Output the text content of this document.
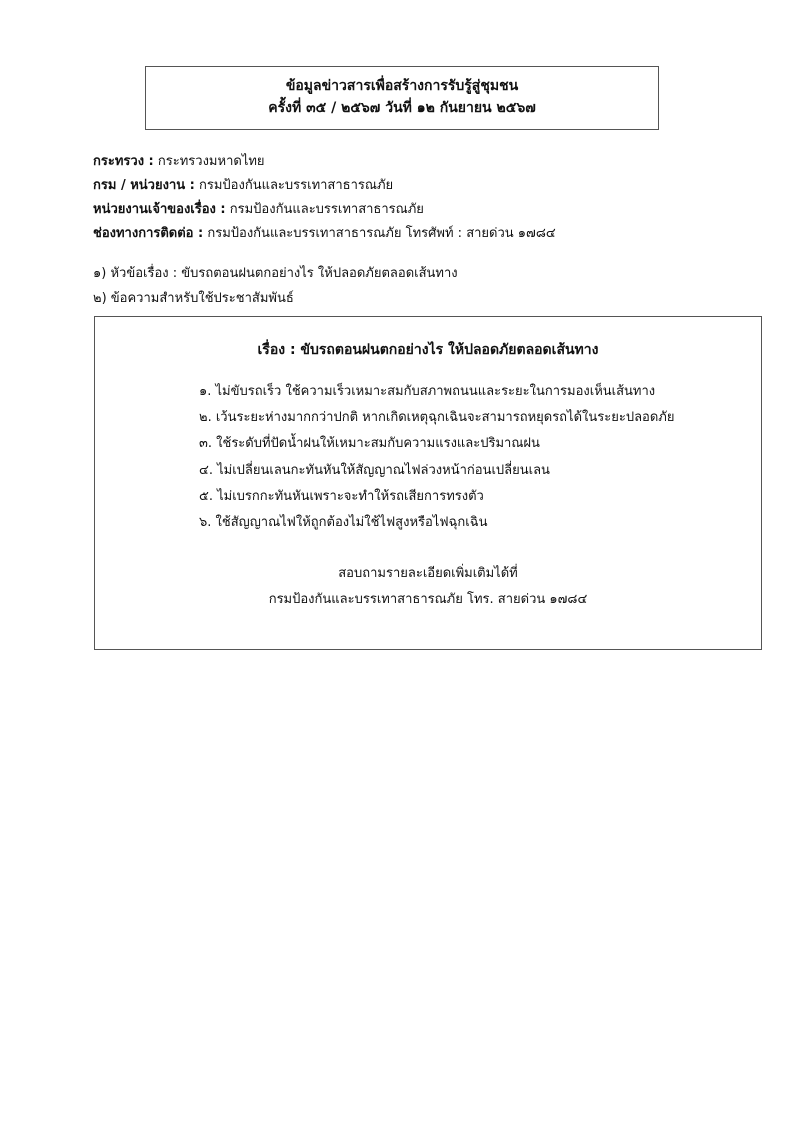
ข้อมูลข่าวสารเพื่อสร้างการรับรู้สู่ชุมชน

ครั้งที่ ๓๕ / ๒๕๖๗ วันที่ ๑๒ กันยายน ๒๕๖๗

กระทรวง : กระทรวงมหาดไทย
กรม / หน่วยงาน : กรมป้องกันและบรรเทาสาธารณภัย
หน่วยงานเจ้าของเรื่อง : กรมป้องกันและบรรเทาสาธารณภัย
ช่องทางการติดต่อ : กรมป้องกันและบรรเทาสาธารณภัย โทรศัพท์ : สายด่วน ๑๗๘๔
๑) หัวข้อเรื่อง : ขับรถตอนฝนตกอย่างไร ให้ปลอดภัยตลอดเส้นทาง
๒) ข้อความสำหรับใช้ประชาสัมพันธ์

เรื่อง : ขับรถตอนฝนตกอย่างไร ให้ปลอดภัยตลอดเส้นทาง

๑. ไม่ขับรถเร็ว ใช้ความเร็วเหมาะสมกับสภาพถนนและระยะในการมองเห็นเส้นทาง
๒. เว้นระยะห่างมากกว่าปกติ หากเกิดเหตุฉุกเฉินจะสามารถหยุดรถได้ในระยะปลอดภัย
๓. ใช้ระดับที่ปัดน้ำฝนให้เหมาะสมกับความแรงและปริมาณฝน
๔. ไม่เปลี่ยนเลนกะทันหันให้สัญญาณไฟล่วงหน้าก่อนเปลี่ยนเลน
๕. ไม่เบรกกะทันหันเพราะจะทำให้รถเสียการทรงตัว
๖. ใช้สัญญาณไฟให้ถูกต้องไม่ใช้ไฟสูงหรือไฟฉุกเฉิน

สอบถามรายละเอียดเพิ่มเติมได้ที่

กรมป้องกันและบรรเทาสาธารณภัย โทร. สายด่วน ๑๗๘๔
